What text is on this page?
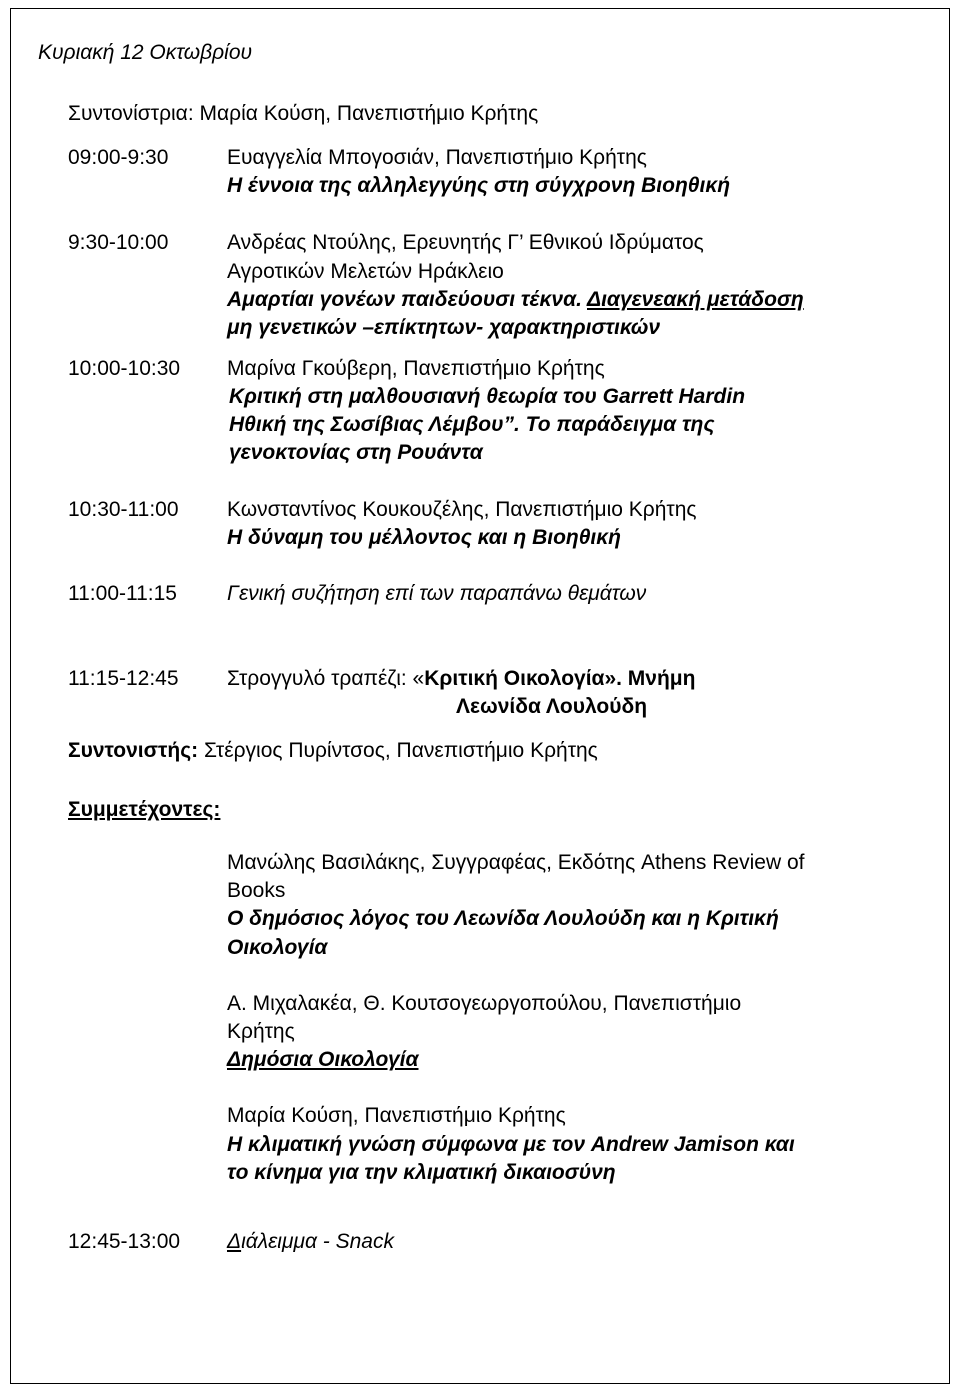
Κυριακή 12 Οκτωβρίου
Συντονίστρια: Μαρία Κούση, Πανεπιστήμιο Κρήτης
09:00-9:30	Ευαγγελία Μπογοσιάν, Πανεπιστήμιο Κρήτης
Η έννοια της αλληλεγγύης στη σύγχρονη Βιοηθική
9:30-10:00	Ανδρέας Ντούλης, Ερευνητής Γ’ Εθνικού Ιδρύματος
Αγροτικών Μελετών Ηράκλειο
Αμαρτίαι γονέων παιδεύουσι τέκνα. Διαγενεακή μετάδοση
μη γενετικών –επίκτητων- χαρακτηριστικών
10:00-10:30 Μαρίνα Γκούβερη, Πανεπιστήμιο Κρήτης
Κριτική στη μαλθουσιανή θεωρία του Garrett Hardin
Ηθική της Σωσίβιας Λέμβου”. Το παράδειγμα της
γενοκτονίας στη Ρουάντα
10:30-11:00 Κωνσταντίνος Κουκουζέλης, Πανεπιστήμιο Κρήτης
Η δύναμη του μέλλοντος και η Βιοηθική
11:00-11:15 Γενική συζήτηση επί των παραπάνω θεμάτων
11:15-12:45 Στρογγυλό τραπέζι: «Κριτική Οικολογία». Μνήμη
Λεωνίδα Λουλούδη
Συντονιστής: Στέργιος Πυρίντσος, Πανεπιστήμιο Κρήτης
Συμμετέχοντες:
Μανώλης Βασιλάκης, Συγγραφέας, Εκδότης Athens Review of
Books
Ο δημόσιος λόγος του Λεωνίδα Λουλούδη και η Κριτική
Οικολογία
Α. Μιχαλακέα, Θ. Κουτσογεωργοπούλου, Πανεπιστήμιο
Κρήτης
Δημόσια Οικολογία
Μαρία Κούση, Πανεπιστήμιο Κρήτης
Η κλιματική γνώση σύμφωνα με τον Andrew Jamison και
το κίνημα για την κλιματική δικαιοσύνη
12:45-13:00 Διάλειμμα - Snack
